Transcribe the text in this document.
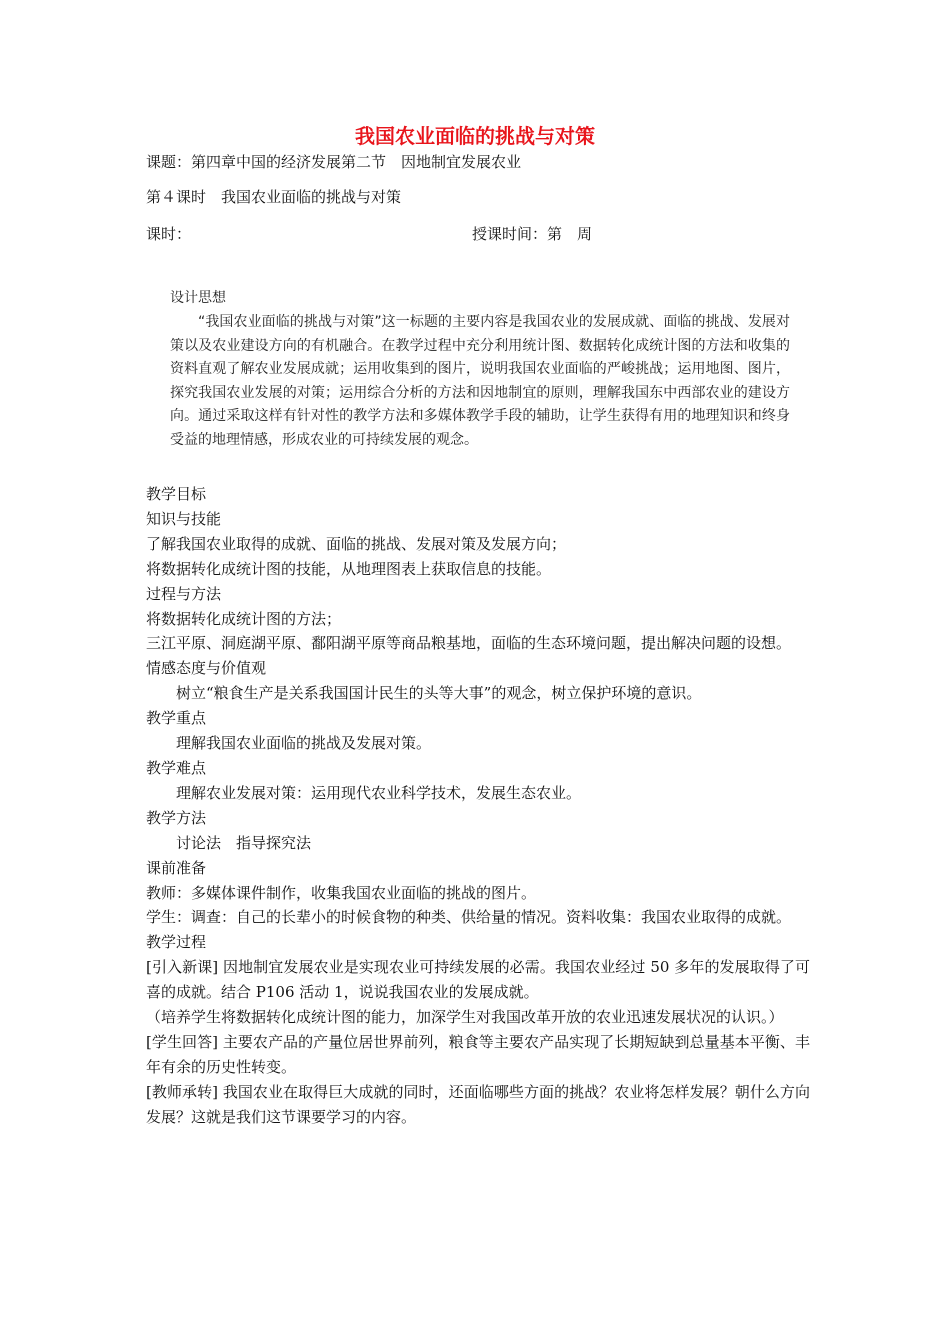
我国农业面临的挑战与对策
课题：第四章中国的经济发展第二节　因地制宜发展农业
第４课时　我国农业面临的挑战与对策
课时：	授课时间：第　周

设计思想

“我国农业面临的挑战与对策”这一标题的主要内容是我国农业的发展成就、面临的挑战、发展对策以及农业建设方向的有机融合。在教学过程中充分利用统计图、数据转化成统计图的方法和收集的资料直观了解农业发展成就；运用收集到的图片，说明我国农业面临的严峻挑战；运用地图、图片，探究我国农业发展的对策；运用综合分析的方法和因地制宜的原则，理解我国东中西部农业的建设方向。通过采取这样有针对性的教学方法和多媒体教学手段的辅助，让学生获得有用的地理知识和终身受益的地理情感，形成农业的可持续发展的观念。

教学目标

知识与技能

了解我国农业取得的成就、面临的挑战、发展对策及发展方向；

将数据转化成统计图的技能，从地理图表上获取信息的技能。

过程与方法

将数据转化成统计图的方法；

三江平原、洞庭湖平原、鄱阳湖平原等商品粮基地，面临的生态环境问题，提出解决问题的设想。

情感态度与价值观

树立“粮食生产是关系我国国计民生的头等大事”的观念，树立保护环境的意识。

教学重点

理解我国农业面临的挑战及发展对策。

教学难点

理解农业发展对策：运用现代农业科学技术，发展生态农业。

教学方法

讨论法　指导探究法

课前准备

教师：多媒体课件制作，收集我国农业面临的挑战的图片。

学生：调查：自己的长辈小的时候食物的种类、供给量的情况。资料收集：我国农业取得的成就。

教学过程

[引入新课] 因地制宜发展农业是实现农业可持续发展的必需。我国农业经过 50 多年的发展取得了可喜的成就。结合 P106 活动 1，说说我国农业的发展成就。

（培养学生将数据转化成统计图的能力，加深学生对我国改革开放的农业迅速发展状况的认识。）

[学生回答] 主要农产品的产量位居世界前列，粮食等主要农产品实现了长期短缺到总量基本平衡、丰年有余的历史性转变。

[教师承转] 我国农业在取得巨大成就的同时，还面临哪些方面的挑战？农业将怎样发展？朝什么方向发展？这就是我们这节课要学习的内容。
